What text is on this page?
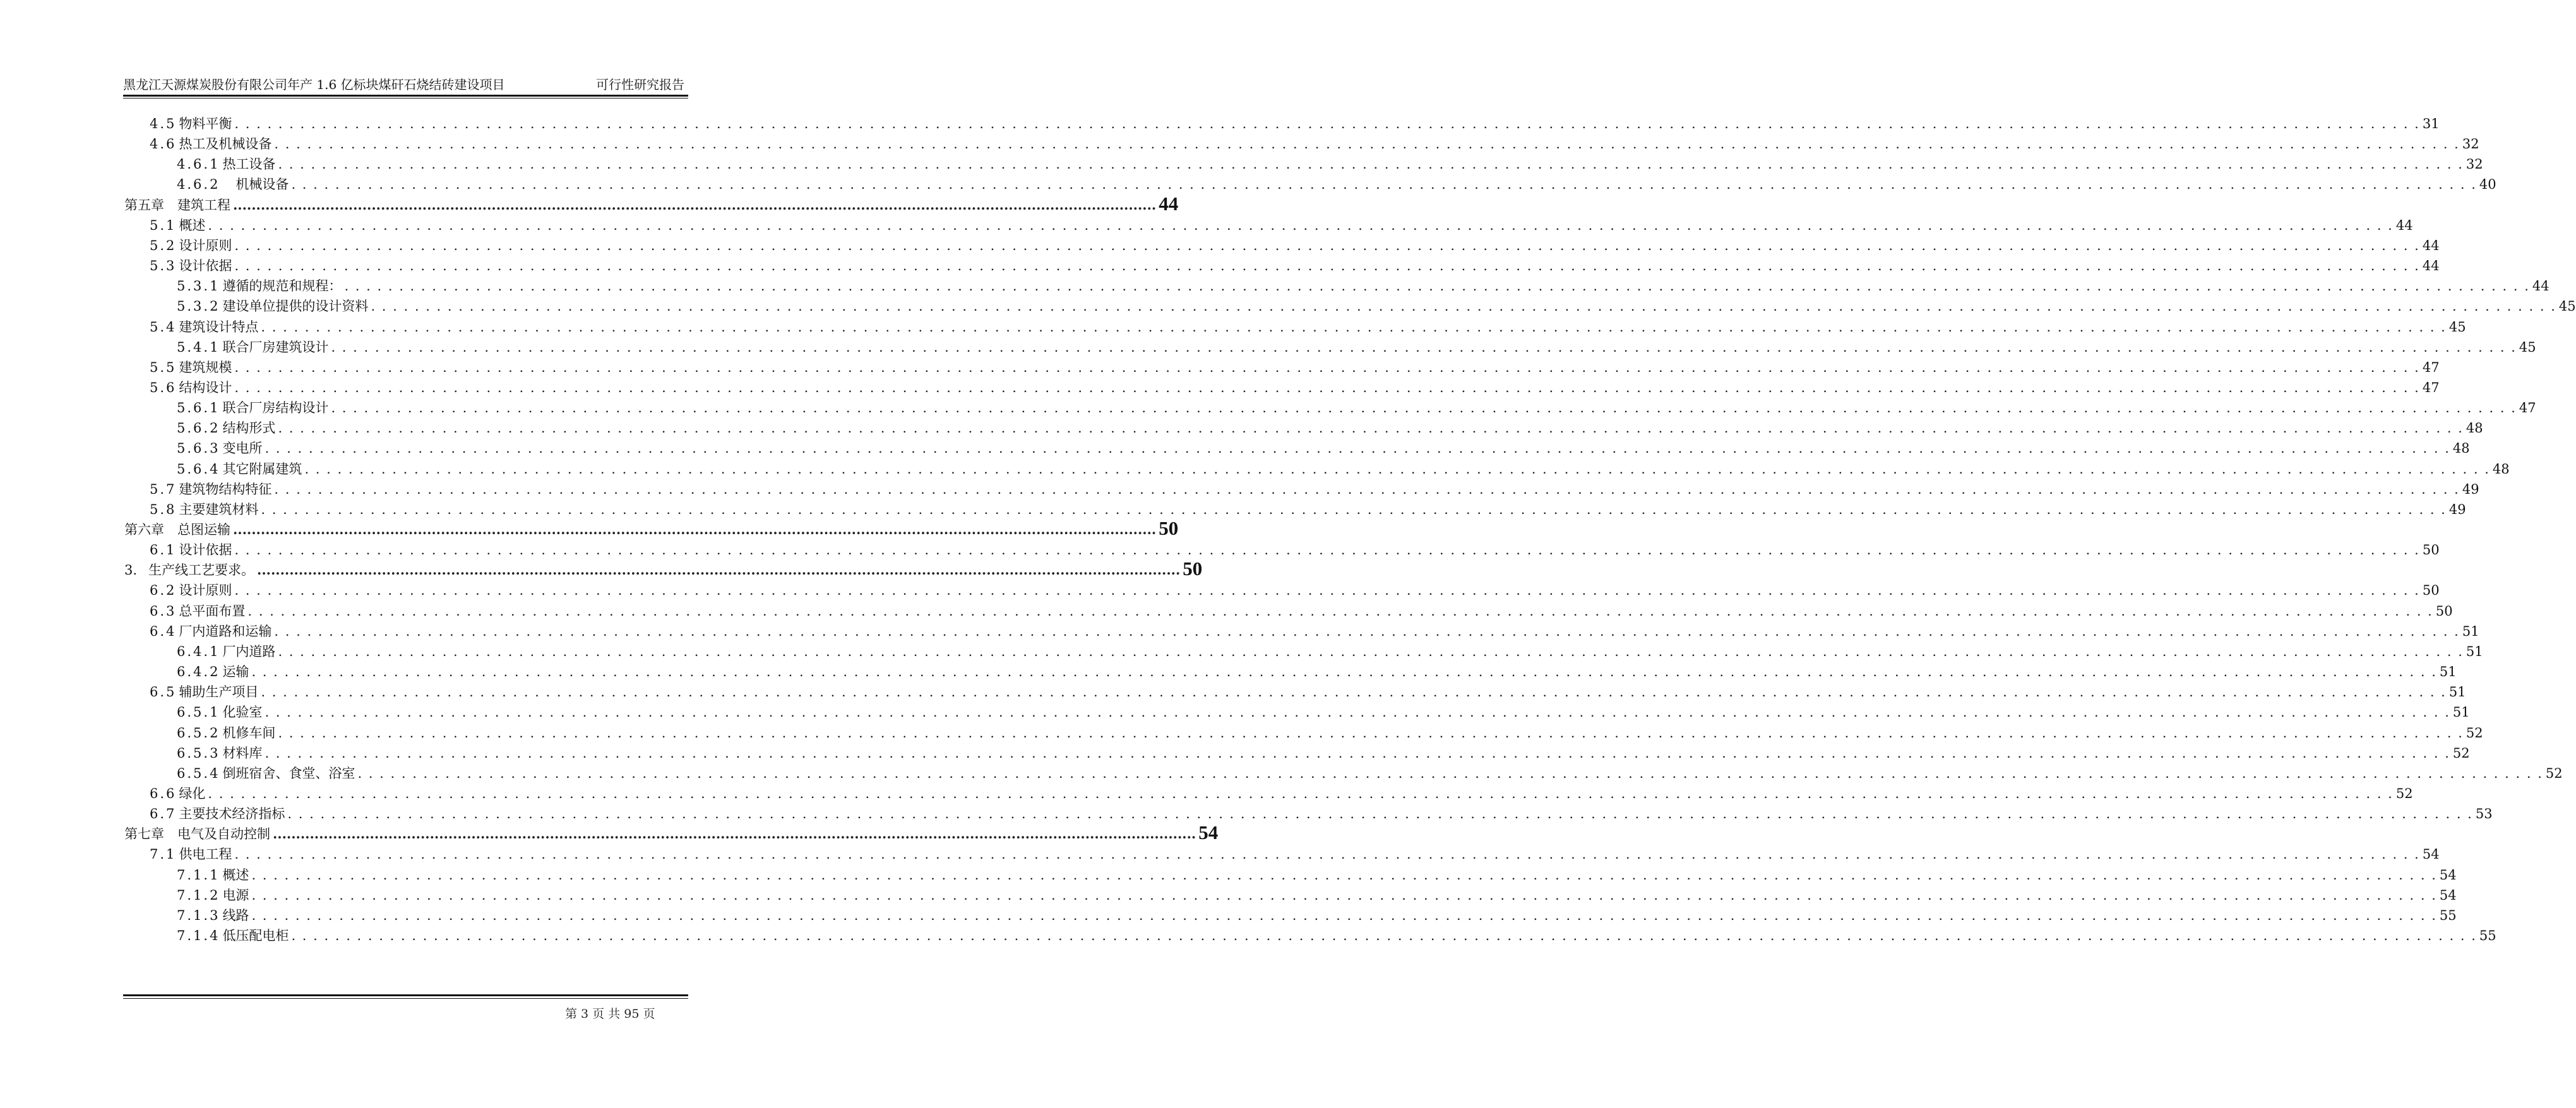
黑龙江天源煤炭股份有限公司年产 1.6 亿标块煤矸石烧结砖建设项目	可行性研究报告
4.5 物料平衡 . . . . . . . . . . . . . . . . . . . . . . . . . . . . . . . . . . . . . . . . . . . . . . . . . . . . . . . . . . . . . . . . . . . . . . . . . . . . . . . . . . . . . . . . . . . . . . . . . . . . . . . . . . . . . . . . . . . . . . . . . . . . . . . . . . . . . . . . . . . . . . . . . . . . . . . . . . . . . . . . . . . . . . . . . . . . . . . . . . . . . . . . . . . . . . . . . . . . . . . . 31
4.6 热工及机械设备 . . . . . . . . . . . . . . . . . . . . . . . . . . . . . . . . . . . . . . . . . . . . . . . . . . . . . . . . . . . . . . . . . . . . . . . . . . . . . . . . . . . . . . . . . . . . . . . . . . . . . . . . . . . . . . . . . . . . . . . . . . . . . . . . . . . . . . . . . . . . . . . . . . . . . . . . . . . . . . . . . . . . . . . . . . . . . . . . . . . . . . . . . . . . . . . . . . . . . . . . 32
4.6.1 热工设备 . . . . . . . . . . . . . . . . . . . . . . . . . . . . . . . . . . . . . . . . . . . . . . . . . . . . . . . . . . . . . . . . . . . . . . . . . . . . . . . . . . . . . . . . . . . . . . . . . . . . . . . . . . . . . . . . . . . . . . . . . . . . . . . . . . . . . . . . . . . . . . . . . . . . . . . . . . . . . . . . . . . . . . . . . . . . . . . . . . . . . . . . . . . . . . . . . . . . . . . . 32
4.6.2 　机械设备 . . . . . . . . . . . . . . . . . . . . . . . . . . . . . . . . . . . . . . . . . . . . . . . . . . . . . . . . . . . . . . . . . . . . . . . . . . . . . . . . . . . . . . . . . . . . . . . . . . . . . . . . . . . . . . . . . . . . . . . . . . . . . . . . . . . . . . . . . . . . . . . . . . . . . . . . . . . . . . . . . . . . . . . . . . . . . . . . . . . . . . . . . . . . . . . . . . . . . . . . 40
第五章 　建筑工程 ........................................................................................................................................................................................................ 44
5.1 概述 . . . . . . . . . . . . . . . . . . . . . . . . . . . . . . . . . . . . . . . . . . . . . . . . . . . . . . . . . . . . . . . . . . . . . . . . . . . . . . . . . . . . . . . . . . . . . . . . . . . . . . . . . . . . . . . . . . . . . . . . . . . . . . . . . . . . . . . . . . . . . . . . . . . . . . . . . . . . . . . . . . . . . . . . . . . . . . . . . . . . . . . . . . . . . . . . . . . . . . . . 44
5.2 设计原则 . . . . . . . . . . . . . . . . . . . . . . . . . . . . . . . . . . . . . . . . . . . . . . . . . . . . . . . . . . . . . . . . . . . . . . . . . . . . . . . . . . . . . . . . . . . . . . . . . . . . . . . . . . . . . . . . . . . . . . . . . . . . . . . . . . . . . . . . . . . . . . . . . . . . . . . . . . . . . . . . . . . . . . . . . . . . . . . . . . . . . . . . . . . . . . . . . . . . . . . . 44
5.3 设计依据 . . . . . . . . . . . . . . . . . . . . . . . . . . . . . . . . . . . . . . . . . . . . . . . . . . . . . . . . . . . . . . . . . . . . . . . . . . . . . . . . . . . . . . . . . . . . . . . . . . . . . . . . . . . . . . . . . . . . . . . . . . . . . . . . . . . . . . . . . . . . . . . . . . . . . . . . . . . . . . . . . . . . . . . . . . . . . . . . . . . . . . . . . . . . . . . . . . . . . . . . 44
5.3.1 遵循的规范和规程： . . . . . . . . . . . . . . . . . . . . . . . . . . . . . . . . . . . . . . . . . . . . . . . . . . . . . . . . . . . . . . . . . . . . . . . . . . . . . . . . . . . . . . . . . . . . . . . . . . . . . . . . . . . . . . . . . . . . . . . . . . . . . . . . . . . . . . . . . . . . . . . . . . . . . . . . . . . . . . . . . . . . . . . . . . . . . . . . . . . . . . . . . . . . . . . . . . . . . . . . 44
5.3.2 建设单位提供的设计资料 . . . . . . . . . . . . . . . . . . . . . . . . . . . . . . . . . . . . . . . . . . . . . . . . . . . . . . . . . . . . . . . . . . . . . . . . . . . . . . . . . . . . . . . . . . . . . . . . . . . . . . . . . . . . . . . . . . . . . . . . . . . . . . . . . . . . . . . . . . . . . . . . . . . . . . . . . . . . . . . . . . . . . . . . . . . . . . . . . . . . . . . . . . . . . . . . . . . . . . . . 45
5.4 建筑设计特点 . . . . . . . . . . . . . . . . . . . . . . . . . . . . . . . . . . . . . . . . . . . . . . . . . . . . . . . . . . . . . . . . . . . . . . . . . . . . . . . . . . . . . . . . . . . . . . . . . . . . . . . . . . . . . . . . . . . . . . . . . . . . . . . . . . . . . . . . . . . . . . . . . . . . . . . . . . . . . . . . . . . . . . . . . . . . . . . . . . . . . . . . . . . . . . . . . . . . . . . . 45
5.4.1 联合厂房建筑设计 . . . . . . . . . . . . . . . . . . . . . . . . . . . . . . . . . . . . . . . . . . . . . . . . . . . . . . . . . . . . . . . . . . . . . . . . . . . . . . . . . . . . . . . . . . . . . . . . . . . . . . . . . . . . . . . . . . . . . . . . . . . . . . . . . . . . . . . . . . . . . . . . . . . . . . . . . . . . . . . . . . . . . . . . . . . . . . . . . . . . . . . . . . . . . . . . . . . . . . . . 45
5.5 建筑规模 . . . . . . . . . . . . . . . . . . . . . . . . . . . . . . . . . . . . . . . . . . . . . . . . . . . . . . . . . . . . . . . . . . . . . . . . . . . . . . . . . . . . . . . . . . . . . . . . . . . . . . . . . . . . . . . . . . . . . . . . . . . . . . . . . . . . . . . . . . . . . . . . . . . . . . . . . . . . . . . . . . . . . . . . . . . . . . . . . . . . . . . . . . . . . . . . . . . . . . . . 47
5.6 结构设计 . . . . . . . . . . . . . . . . . . . . . . . . . . . . . . . . . . . . . . . . . . . . . . . . . . . . . . . . . . . . . . . . . . . . . . . . . . . . . . . . . . . . . . . . . . . . . . . . . . . . . . . . . . . . . . . . . . . . . . . . . . . . . . . . . . . . . . . . . . . . . . . . . . . . . . . . . . . . . . . . . . . . . . . . . . . . . . . . . . . . . . . . . . . . . . . . . . . . . . . . 47
5.6.1 联合厂房结构设计 . . . . . . . . . . . . . . . . . . . . . . . . . . . . . . . . . . . . . . . . . . . . . . . . . . . . . . . . . . . . . . . . . . . . . . . . . . . . . . . . . . . . . . . . . . . . . . . . . . . . . . . . . . . . . . . . . . . . . . . . . . . . . . . . . . . . . . . . . . . . . . . . . . . . . . . . . . . . . . . . . . . . . . . . . . . . . . . . . . . . . . . . . . . . . . . . . . . . . . . . 47
5.6.2 结构形式 . . . . . . . . . . . . . . . . . . . . . . . . . . . . . . . . . . . . . . . . . . . . . . . . . . . . . . . . . . . . . . . . . . . . . . . . . . . . . . . . . . . . . . . . . . . . . . . . . . . . . . . . . . . . . . . . . . . . . . . . . . . . . . . . . . . . . . . . . . . . . . . . . . . . . . . . . . . . . . . . . . . . . . . . . . . . . . . . . . . . . . . . . . . . . . . . . . . . . . . . 48
5.6.3 变电所 . . . . . . . . . . . . . . . . . . . . . . . . . . . . . . . . . . . . . . . . . . . . . . . . . . . . . . . . . . . . . . . . . . . . . . . . . . . . . . . . . . . . . . . . . . . . . . . . . . . . . . . . . . . . . . . . . . . . . . . . . . . . . . . . . . . . . . . . . . . . . . . . . . . . . . . . . . . . . . . . . . . . . . . . . . . . . . . . . . . . . . . . . . . . . . . . . . . . . . . . 48
5.6.4 其它附属建筑 . . . . . . . . . . . . . . . . . . . . . . . . . . . . . . . . . . . . . . . . . . . . . . . . . . . . . . . . . . . . . . . . . . . . . . . . . . . . . . . . . . . . . . . . . . . . . . . . . . . . . . . . . . . . . . . . . . . . . . . . . . . . . . . . . . . . . . . . . . . . . . . . . . . . . . . . . . . . . . . . . . . . . . . . . . . . . . . . . . . . . . . . . . . . . . . . . . . . . . . . 48
5.7 建筑物结构特征 . . . . . . . . . . . . . . . . . . . . . . . . . . . . . . . . . . . . . . . . . . . . . . . . . . . . . . . . . . . . . . . . . . . . . . . . . . . . . . . . . . . . . . . . . . . . . . . . . . . . . . . . . . . . . . . . . . . . . . . . . . . . . . . . . . . . . . . . . . . . . . . . . . . . . . . . . . . . . . . . . . . . . . . . . . . . . . . . . . . . . . . . . . . . . . . . . . . . . . . . 49
5.8 主要建筑材料 . . . . . . . . . . . . . . . . . . . . . . . . . . . . . . . . . . . . . . . . . . . . . . . . . . . . . . . . . . . . . . . . . . . . . . . . . . . . . . . . . . . . . . . . . . . . . . . . . . . . . . . . . . . . . . . . . . . . . . . . . . . . . . . . . . . . . . . . . . . . . . . . . . . . . . . . . . . . . . . . . . . . . . . . . . . . . . . . . . . . . . . . . . . . . . . . . . . . . . . . 49
第六章 　总图运输 ........................................................................................................................................................................................................ 50
6.1 设计依据 . . . . . . . . . . . . . . . . . . . . . . . . . . . . . . . . . . . . . . . . . . . . . . . . . . . . . . . . . . . . . . . . . . . . . . . . . . . . . . . . . . . . . . . . . . . . . . . . . . . . . . . . . . . . . . . . . . . . . . . . . . . . . . . . . . . . . . . . . . . . . . . . . . . . . . . . . . . . . . . . . . . . . . . . . . . . . . . . . . . . . . . . . . . . . . . . . . . . . . . . 50
3. 生产线工艺要求。 ........................................................................................................................................................................................................ 50
6.2 设计原则 . . . . . . . . . . . . . . . . . . . . . . . . . . . . . . . . . . . . . . . . . . . . . . . . . . . . . . . . . . . . . . . . . . . . . . . . . . . . . . . . . . . . . . . . . . . . . . . . . . . . . . . . . . . . . . . . . . . . . . . . . . . . . . . . . . . . . . . . . . . . . . . . . . . . . . . . . . . . . . . . . . . . . . . . . . . . . . . . . . . . . . . . . . . . . . . . . . . . . . . . 50
6.3 总平面布置 . . . . . . . . . . . . . . . . . . . . . . . . . . . . . . . . . . . . . . . . . . . . . . . . . . . . . . . . . . . . . . . . . . . . . . . . . . . . . . . . . . . . . . . . . . . . . . . . . . . . . . . . . . . . . . . . . . . . . . . . . . . . . . . . . . . . . . . . . . . . . . . . . . . . . . . . . . . . . . . . . . . . . . . . . . . . . . . . . . . . . . . . . . . . . . . . . . . . . . . . 50
6.4 厂内道路和运输 . . . . . . . . . . . . . . . . . . . . . . . . . . . . . . . . . . . . . . . . . . . . . . . . . . . . . . . . . . . . . . . . . . . . . . . . . . . . . . . . . . . . . . . . . . . . . . . . . . . . . . . . . . . . . . . . . . . . . . . . . . . . . . . . . . . . . . . . . . . . . . . . . . . . . . . . . . . . . . . . . . . . . . . . . . . . . . . . . . . . . . . . . . . . . . . . . . . . . . . . 51
6.4.1 厂内道路 . . . . . . . . . . . . . . . . . . . . . . . . . . . . . . . . . . . . . . . . . . . . . . . . . . . . . . . . . . . . . . . . . . . . . . . . . . . . . . . . . . . . . . . . . . . . . . . . . . . . . . . . . . . . . . . . . . . . . . . . . . . . . . . . . . . . . . . . . . . . . . . . . . . . . . . . . . . . . . . . . . . . . . . . . . . . . . . . . . . . . . . . . . . . . . . . . . . . . . . . 51
6.4.2 运输 . . . . . . . . . . . . . . . . . . . . . . . . . . . . . . . . . . . . . . . . . . . . . . . . . . . . . . . . . . . . . . . . . . . . . . . . . . . . . . . . . . . . . . . . . . . . . . . . . . . . . . . . . . . . . . . . . . . . . . . . . . . . . . . . . . . . . . . . . . . . . . . . . . . . . . . . . . . . . . . . . . . . . . . . . . . . . . . . . . . . . . . . . . . . . . . . . . . . . . . . 51
6.5 辅助生产项目 . . . . . . . . . . . . . . . . . . . . . . . . . . . . . . . . . . . . . . . . . . . . . . . . . . . . . . . . . . . . . . . . . . . . . . . . . . . . . . . . . . . . . . . . . . . . . . . . . . . . . . . . . . . . . . . . . . . . . . . . . . . . . . . . . . . . . . . . . . . . . . . . . . . . . . . . . . . . . . . . . . . . . . . . . . . . . . . . . . . . . . . . . . . . . . . . . . . . . . . . 51
6.5.1 化验室 . . . . . . . . . . . . . . . . . . . . . . . . . . . . . . . . . . . . . . . . . . . . . . . . . . . . . . . . . . . . . . . . . . . . . . . . . . . . . . . . . . . . . . . . . . . . . . . . . . . . . . . . . . . . . . . . . . . . . . . . . . . . . . . . . . . . . . . . . . . . . . . . . . . . . . . . . . . . . . . . . . . . . . . . . . . . . . . . . . . . . . . . . . . . . . . . . . . . . . . . 51
6.5.2 机修车间 . . . . . . . . . . . . . . . . . . . . . . . . . . . . . . . . . . . . . . . . . . . . . . . . . . . . . . . . . . . . . . . . . . . . . . . . . . . . . . . . . . . . . . . . . . . . . . . . . . . . . . . . . . . . . . . . . . . . . . . . . . . . . . . . . . . . . . . . . . . . . . . . . . . . . . . . . . . . . . . . . . . . . . . . . . . . . . . . . . . . . . . . . . . . . . . . . . . . . . . . 52
6.5.3 材料库 . . . . . . . . . . . . . . . . . . . . . . . . . . . . . . . . . . . . . . . . . . . . . . . . . . . . . . . . . . . . . . . . . . . . . . . . . . . . . . . . . . . . . . . . . . . . . . . . . . . . . . . . . . . . . . . . . . . . . . . . . . . . . . . . . . . . . . . . . . . . . . . . . . . . . . . . . . . . . . . . . . . . . . . . . . . . . . . . . . . . . . . . . . . . . . . . . . . . . . . . 52
6.5.4 倒班宿舍、食堂、浴室 . . . . . . . . . . . . . . . . . . . . . . . . . . . . . . . . . . . . . . . . . . . . . . . . . . . . . . . . . . . . . . . . . . . . . . . . . . . . . . . . . . . . . . . . . . . . . . . . . . . . . . . . . . . . . . . . . . . . . . . . . . . . . . . . . . . . . . . . . . . . . . . . . . . . . . . . . . . . . . . . . . . . . . . . . . . . . . . . . . . . . . . . . . . . . . . . . . . . . . . . 52
6.6 绿化 . . . . . . . . . . . . . . . . . . . . . . . . . . . . . . . . . . . . . . . . . . . . . . . . . . . . . . . . . . . . . . . . . . . . . . . . . . . . . . . . . . . . . . . . . . . . . . . . . . . . . . . . . . . . . . . . . . . . . . . . . . . . . . . . . . . . . . . . . . . . . . . . . . . . . . . . . . . . . . . . . . . . . . . . . . . . . . . . . . . . . . . . . . . . . . . . . . . . . . . . 52
6.7 主要技术经济指标 . . . . . . . . . . . . . . . . . . . . . . . . . . . . . . . . . . . . . . . . . . . . . . . . . . . . . . . . . . . . . . . . . . . . . . . . . . . . . . . . . . . . . . . . . . . . . . . . . . . . . . . . . . . . . . . . . . . . . . . . . . . . . . . . . . . . . . . . . . . . . . . . . . . . . . . . . . . . . . . . . . . . . . . . . . . . . . . . . . . . . . . . . . . . . . . . . . . . . . . . 53
第七章 　电气及自动控制 ........................................................................................................................................................................................................ 54
7.1 供电工程 . . . . . . . . . . . . . . . . . . . . . . . . . . . . . . . . . . . . . . . . . . . . . . . . . . . . . . . . . . . . . . . . . . . . . . . . . . . . . . . . . . . . . . . . . . . . . . . . . . . . . . . . . . . . . . . . . . . . . . . . . . . . . . . . . . . . . . . . . . . . . . . . . . . . . . . . . . . . . . . . . . . . . . . . . . . . . . . . . . . . . . . . . . . . . . . . . . . . . . . . 54
7.1.1 概述 . . . . . . . . . . . . . . . . . . . . . . . . . . . . . . . . . . . . . . . . . . . . . . . . . . . . . . . . . . . . . . . . . . . . . . . . . . . . . . . . . . . . . . . . . . . . . . . . . . . . . . . . . . . . . . . . . . . . . . . . . . . . . . . . . . . . . . . . . . . . . . . . . . . . . . . . . . . . . . . . . . . . . . . . . . . . . . . . . . . . . . . . . . . . . . . . . . . . . . . . 54
7.1.2 电源 . . . . . . . . . . . . . . . . . . . . . . . . . . . . . . . . . . . . . . . . . . . . . . . . . . . . . . . . . . . . . . . . . . . . . . . . . . . . . . . . . . . . . . . . . . . . . . . . . . . . . . . . . . . . . . . . . . . . . . . . . . . . . . . . . . . . . . . . . . . . . . . . . . . . . . . . . . . . . . . . . . . . . . . . . . . . . . . . . . . . . . . . . . . . . . . . . . . . . . . . 54
7.1.3 线路 . . . . . . . . . . . . . . . . . . . . . . . . . . . . . . . . . . . . . . . . . . . . . . . . . . . . . . . . . . . . . . . . . . . . . . . . . . . . . . . . . . . . . . . . . . . . . . . . . . . . . . . . . . . . . . . . . . . . . . . . . . . . . . . . . . . . . . . . . . . . . . . . . . . . . . . . . . . . . . . . . . . . . . . . . . . . . . . . . . . . . . . . . . . . . . . . . . . . . . . . 55
7.1.4 低压配电柜 . . . . . . . . . . . . . . . . . . . . . . . . . . . . . . . . . . . . . . . . . . . . . . . . . . . . . . . . . . . . . . . . . . . . . . . . . . . . . . . . . . . . . . . . . . . . . . . . . . . . . . . . . . . . . . . . . . . . . . . . . . . . . . . . . . . . . . . . . . . . . . . . . . . . . . . . . . . . . . . . . . . . . . . . . . . . . . . . . . . . . . . . . . . . . . . . . . . . . . . . 55
第 3 页 共 95 页
